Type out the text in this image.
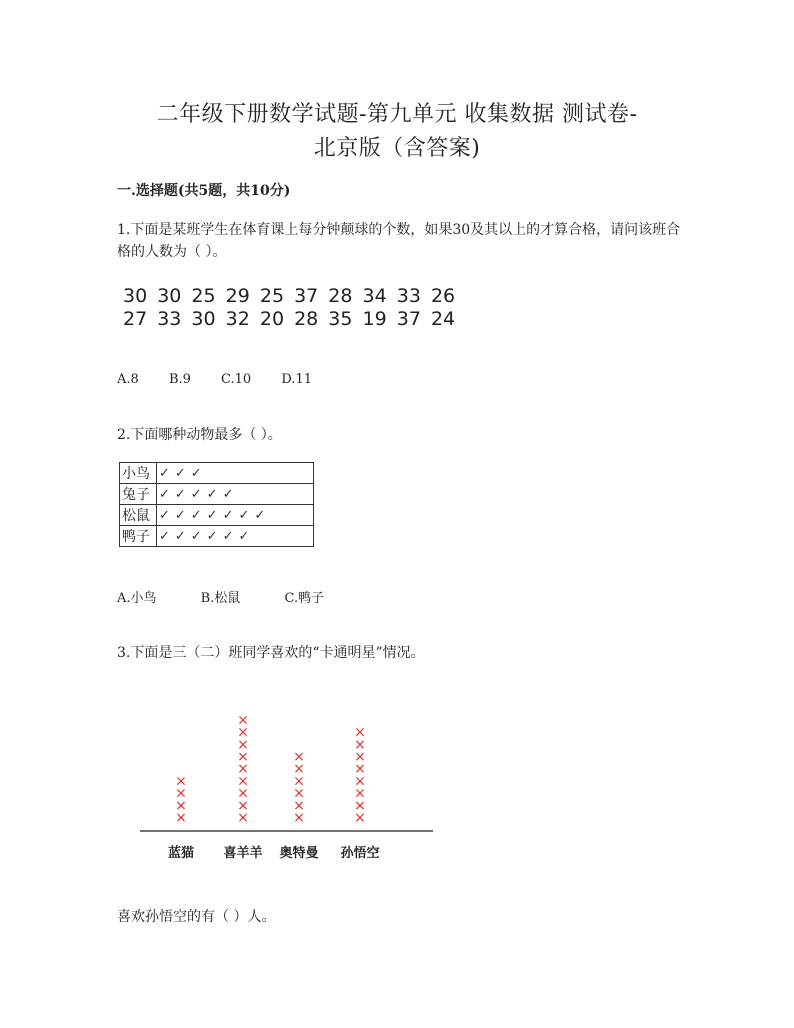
二年级下册数学试题-第九单元 收集数据 测试卷-
北京版（含答案)
一.选择题(共5题，共10分)
1.下面是某班学生在体育课上每分钟颠球的个数，如果30及其以上的才算合格，请问该班合格的人数为（ ）。
30 30 25 29 25 37 28 34 33 26
27 33 30 32 20 28 35 19 37 24
A.8 B.9 C.10 D.11
2.下面哪种动物最多（ ）。
小鸟	✓✓✓
兔子	✓✓✓✓✓
松鼠	✓✓✓✓✓✓✓
鸭子	✓✓✓✓✓✓
A.小鸟	B.松鼠	C.鸭子
3.下面是三（二）班同学喜欢的“卡通明星”情况。
×
×
×
×
蓝猫
×
×
×
×
×
×
×
×
×
喜羊羊
×
×
×
×
×
×
奥特曼
×
×
×
×
×
×
×
×
孙悟空
喜欢孙悟空的有（ ）人。
